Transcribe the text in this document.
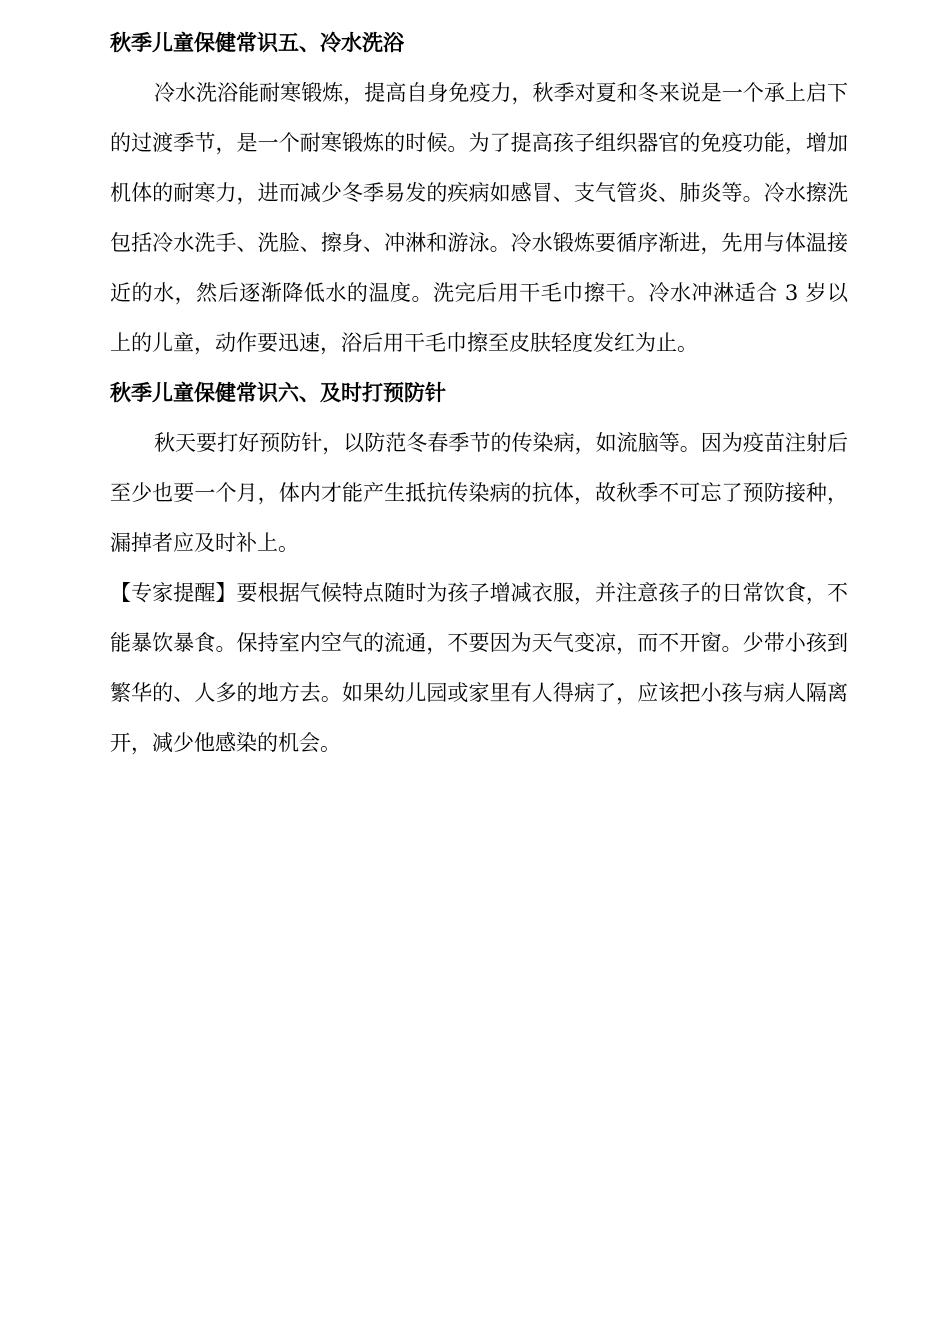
秋季儿童保健常识五、冷水洗浴

冷水洗浴能耐寒锻炼，提高自身免疫力，秋季对夏和冬来说是一个承上启下的过渡季节，是一个耐寒锻炼的时候。为了提高孩子组织器官的免疫功能，增加机体的耐寒力，进而减少冬季易发的疾病如感冒、支气管炎、肺炎等。冷水擦洗包括冷水洗手、洗脸、擦身、冲淋和游泳。冷水锻炼要循序渐进，先用与体温接近的水，然后逐渐降低水的温度。洗完后用干毛巾擦干。冷水冲淋适合 3 岁以上的儿童，动作要迅速，浴后用干毛巾擦至皮肤轻度发红为止。

秋季儿童保健常识六、及时打预防针

秋天要打好预防针，以防范冬春季节的传染病，如流脑等。因为疫苗注射后至少也要一个月，体内才能产生抵抗传染病的抗体，故秋季不可忘了预防接种，漏掉者应及时补上。

【专家提醒】要根据气候特点随时为孩子增减衣服，并注意孩子的日常饮食，不能暴饮暴食。保持室内空气的流通，不要因为天气变凉，而不开窗。少带小孩到繁华的、人多的地方去。如果幼儿园或家里有人得病了，应该把小孩与病人隔离开，减少他感染的机会。
